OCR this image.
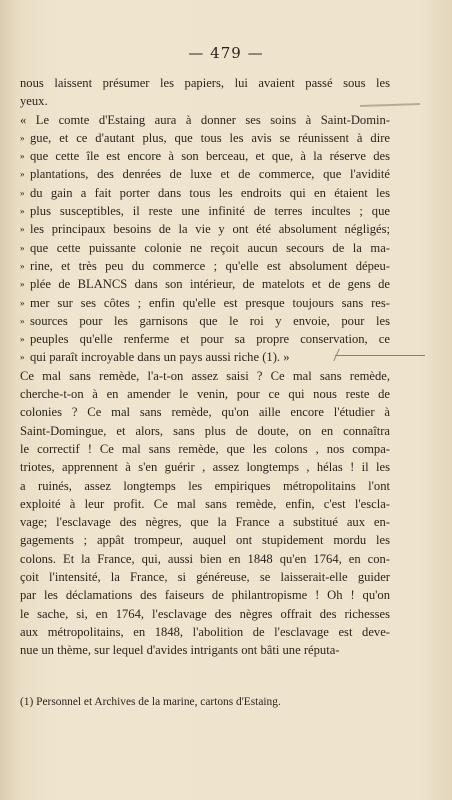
— 479 —
nous laissent présumer les papiers, lui avaient passé sous les
yeux.
« Le comte d'Estaing aura à donner ses soins à Saint-Domin-
» gue, et ce d'autant plus, que tous les avis se réunissent à dire
» que cette île est encore à son berceau, et que, à la réserve des
» plantations, des denrées de luxe et de commerce, que l'avidité
» du gain a fait porter dans tous les endroits qui en étaient les
» plus susceptibles, il reste une infinité de terres incultes ; que
» les principaux besoins de la vie y ont été absolument négligés;
» que cette puissante colonie ne reçoit aucun secours de la ma-
» rine, et très peu du commerce ; qu'elle est absolument dépeu-
» plée de BLANCS dans son intérieur, de matelots et de gens de
» mer sur ses côtes ; enfin qu'elle est presque toujours sans res-
» sources pour les garnisons que le roi y envoie, pour les
» peuples qu'elle renferme et pour sa propre conservation, ce
» qui paraît incroyable dans un pays aussi riche (1). »
Ce mal sans remède, l'a-t-on assez saisi ? Ce mal sans remède,
cherche-t-on à en amender le venin, pour ce qui nous reste de
colonies ? Ce mal sans remède, qu'on aille encore l'étudier à
Saint-Domingue, et alors, sans plus de doute, on en connaîtra
le correctif ! Ce mal sans remède, que les colons , nos compa-
triotes, apprennent à s'en guérir , assez longtemps , hélas ! il les
a ruinés, assez longtemps les empiriques métropolitains l'ont
exploité à leur profit. Ce mal sans remède, enfin, c'est l'escla-
vage; l'esclavage des nègres, que la France a substitué aux en-
gagements ; appât trompeur, auquel ont stupidement mordu les
colons. Et la France, qui, aussi bien en 1848 qu'en 1764, en con-
çoit l'intensité, la France, si généreuse, se laisserait-elle guider
par les déclamations des faiseurs de philantropisme ! Oh ! qu'on
le sache, si, en 1764, l'esclavage des nègres offrait des richesses
aux métropolitains, en 1848, l'abolition de l'esclavage est deve-
nue un thème, sur lequel d'avides intrigants ont bâti une réputa-
(1) Personnel et Archives de la marine, cartons d'Estaing.
